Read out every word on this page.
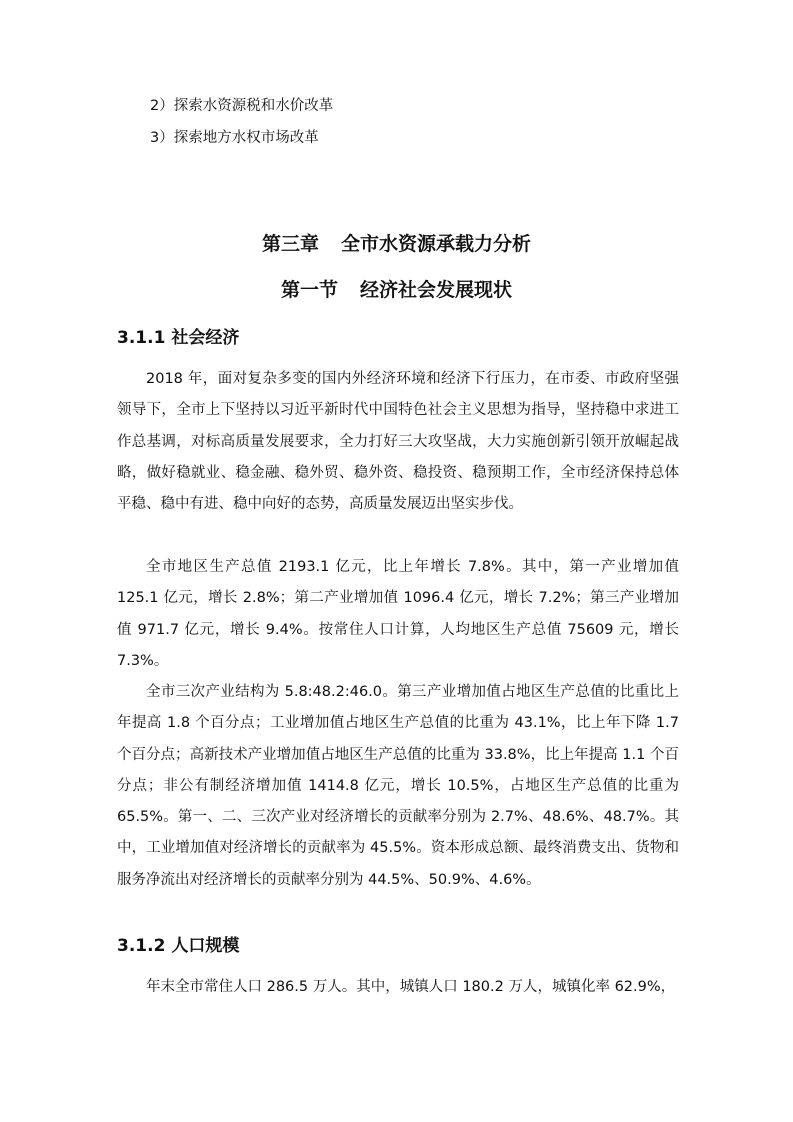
2）探索水资源税和水价改革
3）探索地方水权市场改革
第三章 全市水资源承载力分析
第一节 经济社会发展现状
3.1.1 社会经济

2018 年，面对复杂多变的国内外经济环境和经济下行压力，在市委、市政府坚强领导下，全市上下坚持以习近平新时代中国特色社会主义思想为指导，坚持稳中求进工作总基调，对标高质量发展要求，全力打好三大攻坚战，大力实施创新引领开放崛起战略，做好稳就业、稳金融、稳外贸、稳外资、稳投资、稳预期工作，全市经济保持总体平稳、稳中有进、稳中向好的态势，高质量发展迈出坚实步伐。

全市地区生产总值 2193.1 亿元，比上年增长 7.8%。其中，第一产业增加值 125.1 亿元，增长 2.8%；第二产业增加值 1096.4 亿元，增长 7.2%；第三产业增加值 971.7 亿元，增长 9.4%。按常住人口计算，人均地区生产总值 75609 元，增长 7.3%。

全市三次产业结构为 5.8:48.2:46.0。第三产业增加值占地区生产总值的比重比上年提高 1.8 个百分点；工业增加值占地区生产总值的比重为 43.1%，比上年下降 1.7 个百分点；高新技术产业增加值占地区生产总值的比重为 33.8%，比上年提高 1.1 个百分点；非公有制经济增加值 1414.8 亿元，增长 10.5%，占地区生产总值的比重为 65.5%。第一、二、三次产业对经济增长的贡献率分别为 2.7%、48.6%、48.7%。其中，工业增加值对经济增长的贡献率为 45.5%。资本形成总额、最终消费支出、货物和服务净流出对经济增长的贡献率分别为 44.5%、50.9%、4.6%。

3.1.2 人口规模

年末全市常住人口 286.5 万人。其中，城镇人口 180.2 万人，城镇化率 62.9%，
